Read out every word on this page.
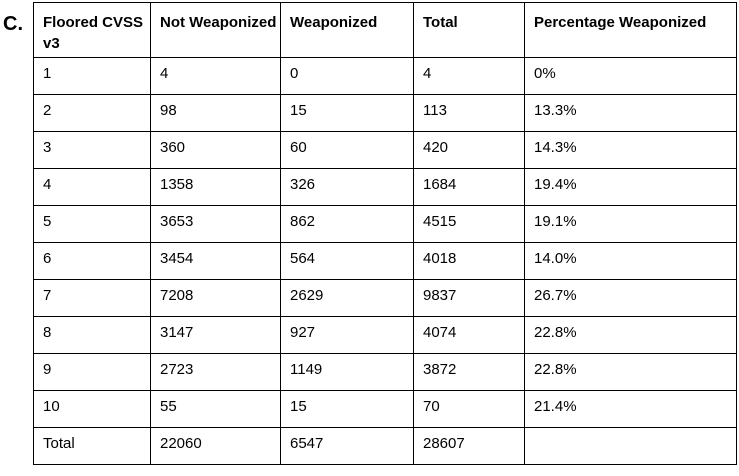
C. Floored CVSS v3	Not Weaponized	Weaponized	Total	Percentage Weaponized
1	4	0	4	0%
2	98	15	113	13.3%
3	360	60	420	14.3%
4	1358	326	1684	19.4%
5	3653	862	4515	19.1%
6	3454	564	4018	14.0%
7	7208	2629	9837	26.7%
8	3147	927	4074	22.8%
9	2723	1149	3872	22.8%
10	55	15	70	21.4%
Total	22060	6547	28607	
